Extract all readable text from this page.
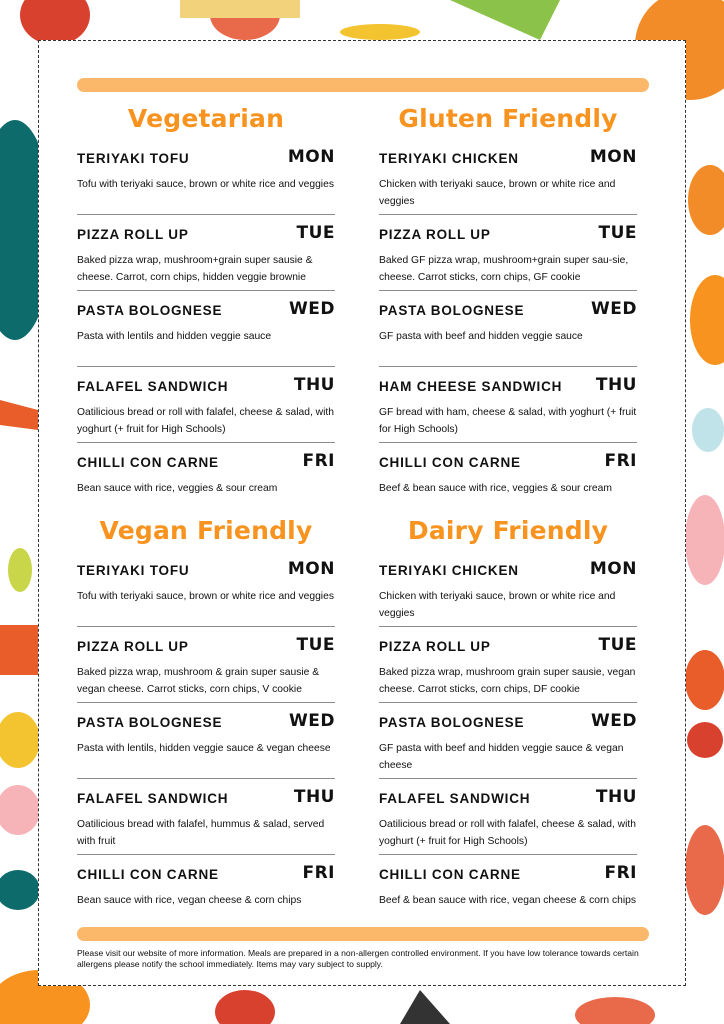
Vegetarian
TERIYAKI TOFU	MON
Tofu with teriyaki sauce, brown or white rice and veggies
PIZZA ROLL UP	TUE
Baked pizza wrap, mushroom+grain super sausie & cheese. Carrot, corn chips, hidden veggie brownie
PASTA BOLOGNESE	WED
Pasta with lentils and hidden veggie sauce
FALAFEL SANDWICH	THU
Oatilicious bread or roll with falafel, cheese & salad, with yoghurt (+ fruit for High Schools)
CHILLI CON CARNE	FRI
Bean sauce with rice, veggies & sour cream
Gluten Friendly
TERIYAKI CHICKEN	MON
Chicken with teriyaki sauce, brown or white rice and veggies
PIZZA ROLL UP	TUE
Baked GF pizza wrap, mushroom+grain super sau-sie, cheese. Carrot sticks, corn chips, GF cookie
PASTA BOLOGNESE	WED
GF pasta with beef and hidden veggie sauce
HAM CHEESE SANDWICH THU
GF bread with ham, cheese & salad, with yoghurt (+ fruit for High Schools)
CHILLI CON CARNE	FRI
Beef & bean sauce with rice, veggies & sour cream
Vegan Friendly
TERIYAKI TOFU	MON
Tofu with teriyaki sauce, brown or white rice and veggies
PIZZA ROLL UP	TUE
Baked pizza wrap, mushroom & grain super sausie & vegan cheese. Carrot sticks, corn chips, V cookie
PASTA BOLOGNESE	WED
Pasta with lentils, hidden veggie sauce & vegan cheese
FALAFEL SANDWICH	THU
Oatilicious bread with falafel, hummus & salad, served with fruit
CHILLI CON CARNE	FRI
Bean sauce with rice, vegan cheese & corn chips
Dairy Friendly
TERIYAKI CHICKEN	MON
Chicken with teriyaki sauce, brown or white rice and veggies
PIZZA ROLL UP	TUE
Baked pizza wrap, mushroom grain super sausie, vegan cheese. Carrot sticks, corn chips, DF cookie
PASTA BOLOGNESE	WED
GF pasta with beef and hidden veggie sauce & vegan cheese
FALAFEL SANDWICH	THU
Oatilicious bread or roll with falafel, cheese & salad, with yoghurt (+ fruit for High Schools)
CHILLI CON CARNE	FRI
Beef & bean sauce with rice, vegan cheese & corn chips
Please visit our website of more information. Meals are prepared in a non-allergen controlled environment. If you have low tolerance towards certain allergens please notify the school immediately. Items may vary subject to supply.
